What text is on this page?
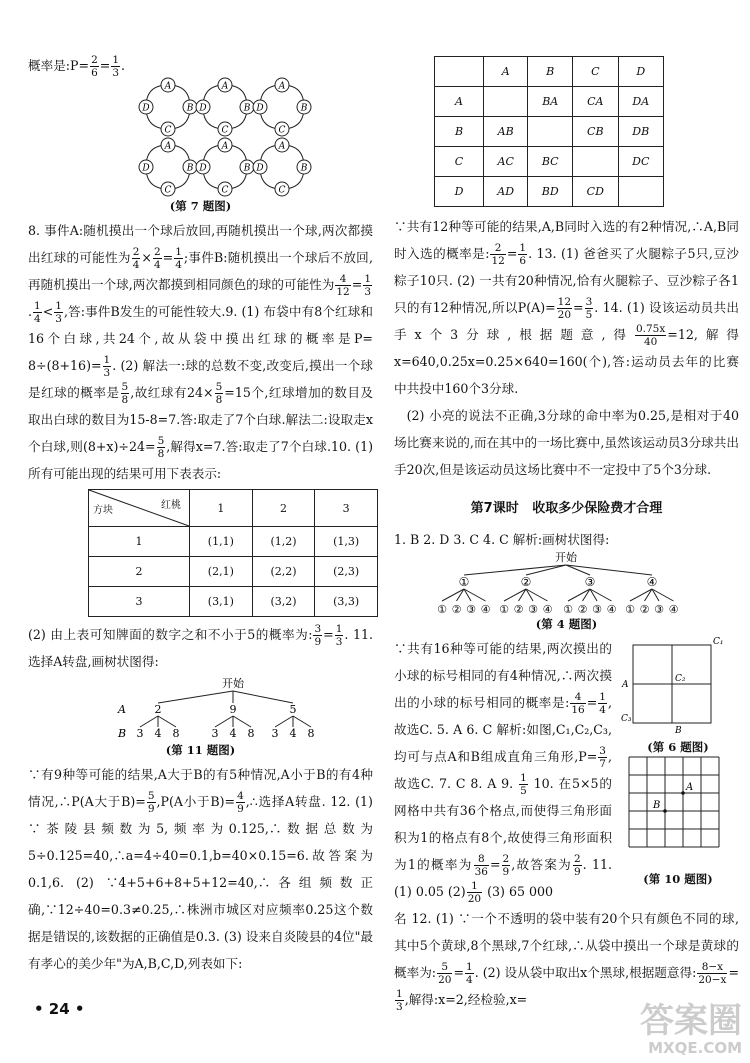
概率是:P= $\frac{2}{6} = \frac{1}{3}$ .

A
B
C
D
A
B
C
D
A
B
C
D
A
B
C
D
A
B
C
D
A
B
C
D
(第 7 题图)

8. 事件A:随机摸出一个球后放回,再随机摸出一个球,两次都摸出红球的可能性为 $\frac{2}{4} \times \frac{2}{4} = \frac{1}{4}$ ;事件B:随机摸出一个球后不放回,再随机摸出一个球,两次都摸到相同颜色的球的可能性为 $\frac{4}{12} = \frac{1}{3}$
. $\frac{1}{4} < \frac{1}{3}$ ,答:事件B发生的可能性较大.9. (1) 布袋中有8个红球和16个白球,共24个,故从袋中摸出红球的概率是$P= 8\div(8+16)= \frac{1}{3}$ . (2) 解法一:球的总数不变,改变后,摸出一个球是红球的概率是 $\frac{5}{8}$ ,故红球有$24\times \frac{5}{8} =15$个,红球增加的数目及取出白球的数目为15-8=7.答:取走了7个白球.解法二:设取走x个白球,则$(8+x)\div 24= \frac{5}{8}$ ,解得x=7.答:取走了7个白球.10. (1) 所有可能出现的结果可用下表表示:

红桃
方块	1	2	3
1	(1,1)	(1,2)	(1,3)
2	(2,1)	(2,2)	(2,3)
3	(3,1)	(3,2)	(3,3)

(2) 由上表可知牌面的数字之和不小于5的概率为: $\frac{3}{9} = \frac{1}{3}$ . 11. 选择A转盘,画树状图得:

开始
A
B
2
3 4 8
9
3 4 8
5
3 4 8
(第 11 题图)

∵有9种等可能的结果,A大于B的有5种情况,A小于B的有4种情况,∴P(A大于$B)= \frac{5}{9} ,P(A$小于$B)= \frac{4}{9}$ ,∴选择A转盘. 12. (1) ∵茶陵县频数为5,频率为0.125,∴数据总数为5÷0.125=40,∴a=4÷40=0.1,b=40×0.15=6.故答案为0.1,6. (2) ∵4+5+6+8+5+12=40,∴各组频数正确,∵12÷40=0.3≠0.25,∴株洲市城区对应频率0.25这个数据是错误的,该数据的正确值是0.3. (3) 设来自炎陵县的4位"最有孝心的美少年"为A,B,C,D,列表如下:

	A	B	C	D
A		BA	CA	DA
B	AB		CB	DB
C	AC	BC		DC
D	AD	BD	CD	

∵共有12种等可能的结果,A,B同时入选的有2种情况,∴A,B同时入选的概率是: $\frac{2}{12} = \frac{1}{6}$ . 13. (1) 爸爸买了火腿粽子5只,豆沙粽子10只. (2) 一共有20种情况,恰有火腿粽子、豆沙粽子各1只的有12种情况,所以$P(A)= \frac{12}{20} = \frac{3}{5}$ . 14. (1) 设该运动员共出手x个3分球,根据题意,得 $\frac{0.75x}{40} =12$,解得x=640,0.25x=0.25×640=160(个),答:运动员去年的比赛中共投中160个3分球.

(2) 小亮的说法不正确,3分球的命中率为0.25,是相对于40场比赛来说的,而在其中的一场比赛中,虽然该运动员3分球共出手20次,但是该运动员这场比赛中不一定投中了5个3分球.

第7课时 收取多少保险费才合理

1. B 2. D 3. C 4. C 解析:画树状图得:

开始
①
① ② ③ ④
②
① ② ③ ④
③
① ② ③ ④
④
① ② ③ ④
(第 4 题图)

∵共有16种等可能的结果,两次摸出的小球的标号相同的有4种情况,∴两次摸出的小球的标号相同的概率是: $\frac{4}{16} = \frac{1}{4}$ ,故选C. 5. A 6. C 解析:如图,C₁,C₂,C₃,均可与点A和B组成直角三角形$,P= \frac{3}{7}$ ,故选C. 7. C 8. A 9. $\frac{1}{5} 10$. 在5×5的网格中共有36个格点,而使得三角形面积为1的格点有8个,故使得三角形面积为1的概率为 $\frac{8}{36} = \frac{2}{9}$ ,故答案为 $\frac{2}{9}$ . 11. (1) 0.05 $(2) \frac{1}{20} (3)$ 65 000

C₁
C₂
A
C₃
B
(第 6 题图)
A
B
(第 10 题图)

名 12. (1) ∵一个不透明的袋中装有20个只有颜色不同的球,其中5个黄球,8个黑球,7个红球,∴从袋中摸出一个球是黄球的概率为: $\frac{5}{20} = \frac{1}{4}$ . (2) 设从袋中取出x个黑球,根据题意得: $\frac{8-x}{20-x}$ =
$\frac{1}{3}$ ,解得:x=2,经检验,x=

• 24 •	答案圈
MXQE.COM
